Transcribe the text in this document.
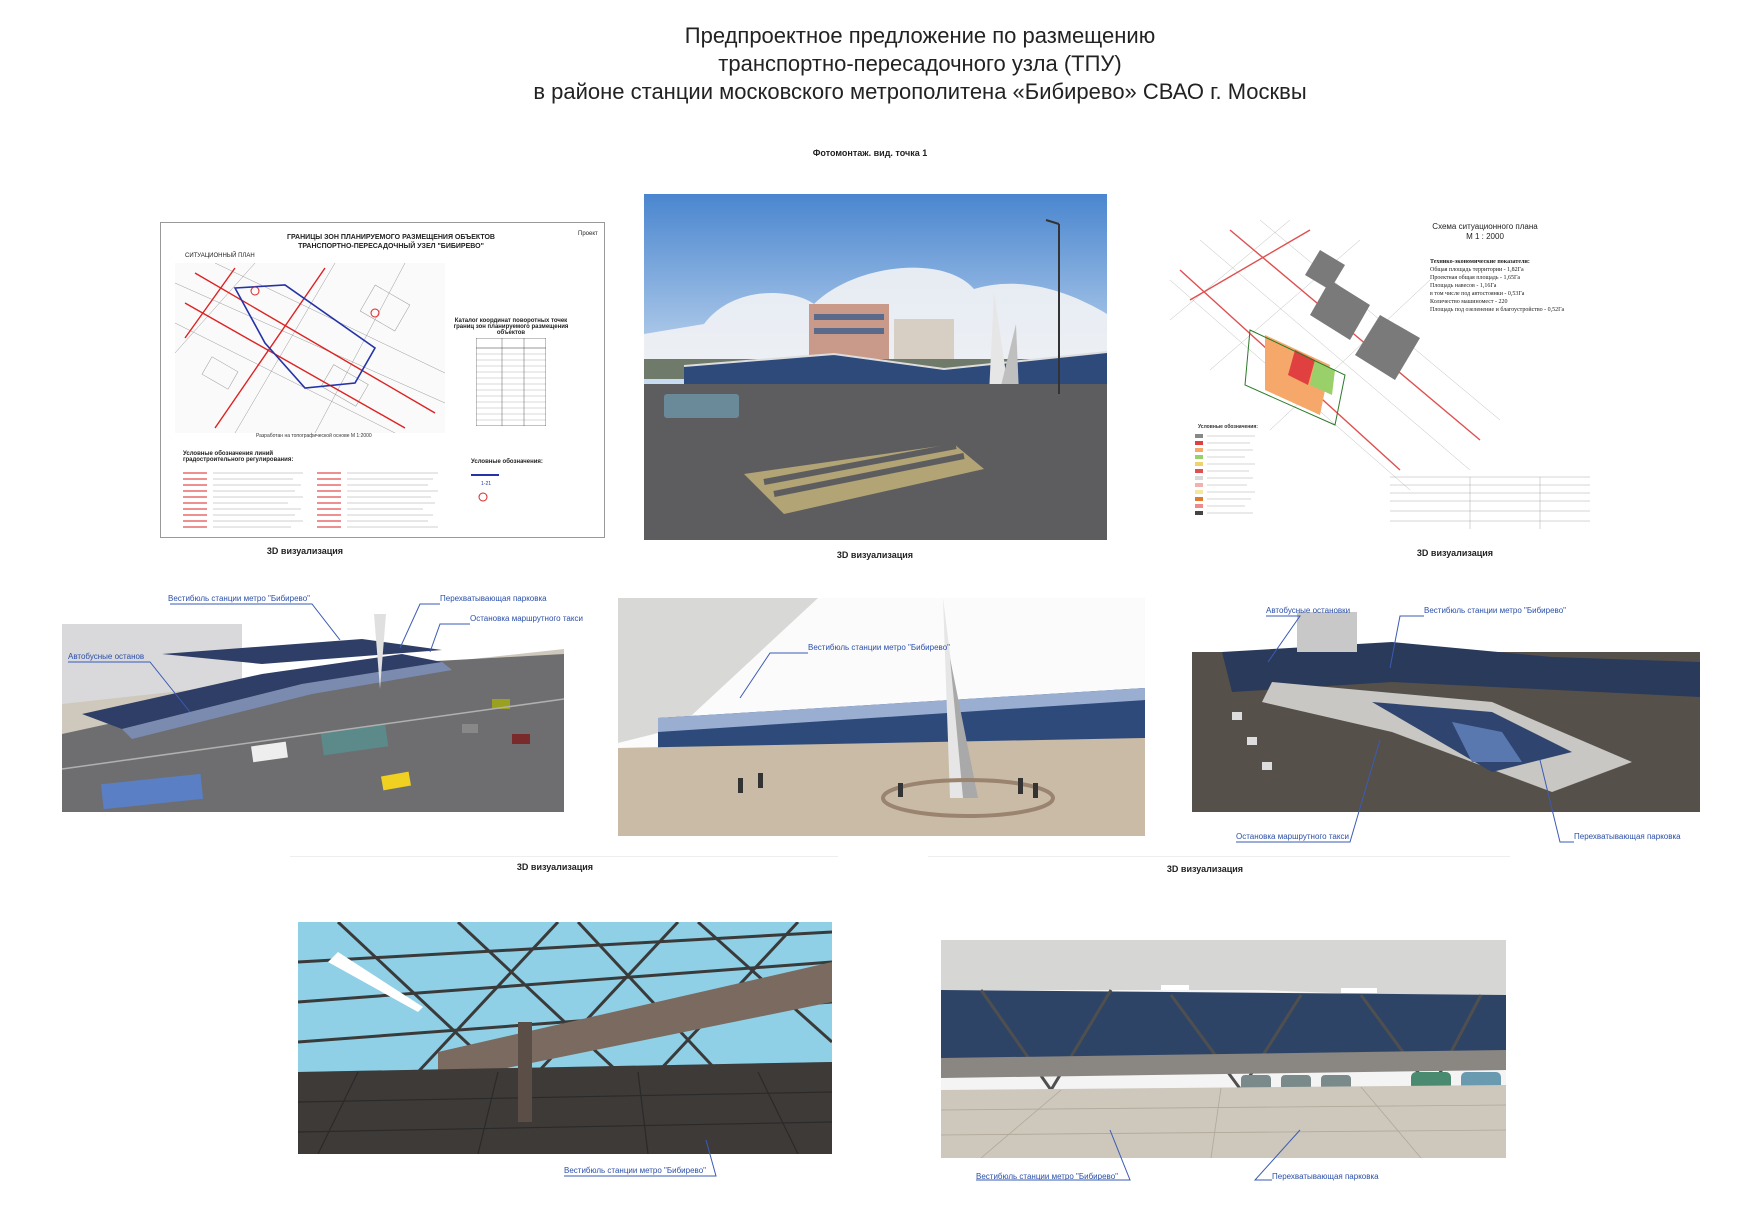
Предпроектное предложение по размещению
транспортно-пересадочного узла (ТПУ)
в районе станции московского метрополитена «Бибирево» СВАО г. Москвы
Фотомонтаж. вид. точка 1
ГРАНИЦЫ ЗОН ПЛАНИРУЕМОГО РАЗМЕЩЕНИЯ ОБЪЕКТОВ
ТРАНСПОРТНО-ПЕРЕСАДОЧНЫЙ УЗЕЛ "БИБИРЕВО"
Проект
СИТУАЦИОННЫЙ ПЛАН
Разработан на топографической основе М 1:2000
Каталог координат поворотных точек границ зон планируемого размещения объектов
Условные обозначения линий градостроительного регулирования:	Условные обозначения:
1-21
3D визуализация	3D визуализация
Схема ситуационного плана
М 1 : 2000
Технико-экономические показатели:
Общая площадь территории - 1,82Га
Проектная общая площадь - 1,65Га
Площадь навесов - 1,16Га
в том числе под автостоянки - 0,53Га
Количество машиномест - 220
Площадь под озеленение и благоустройство - 0,52Га
Условные обозначения:
3D визуализация
Вестибюль станции метро "Бибирево"	Перехватывающая парковка
Остановка маршрутного такси
Автобусные останов
Вестибюль станции метро "Бибирево"
Автобусные остановки	Вестибюль станции метро "Бибирево"
Остановка маршрутного такси	Перехватывающая парковка
3D визуализация	3D визуализация
Вестибюль станции метро "Бибирево"
Вестибюль станции метро "Бибирево"	Перехватывающая парковка
